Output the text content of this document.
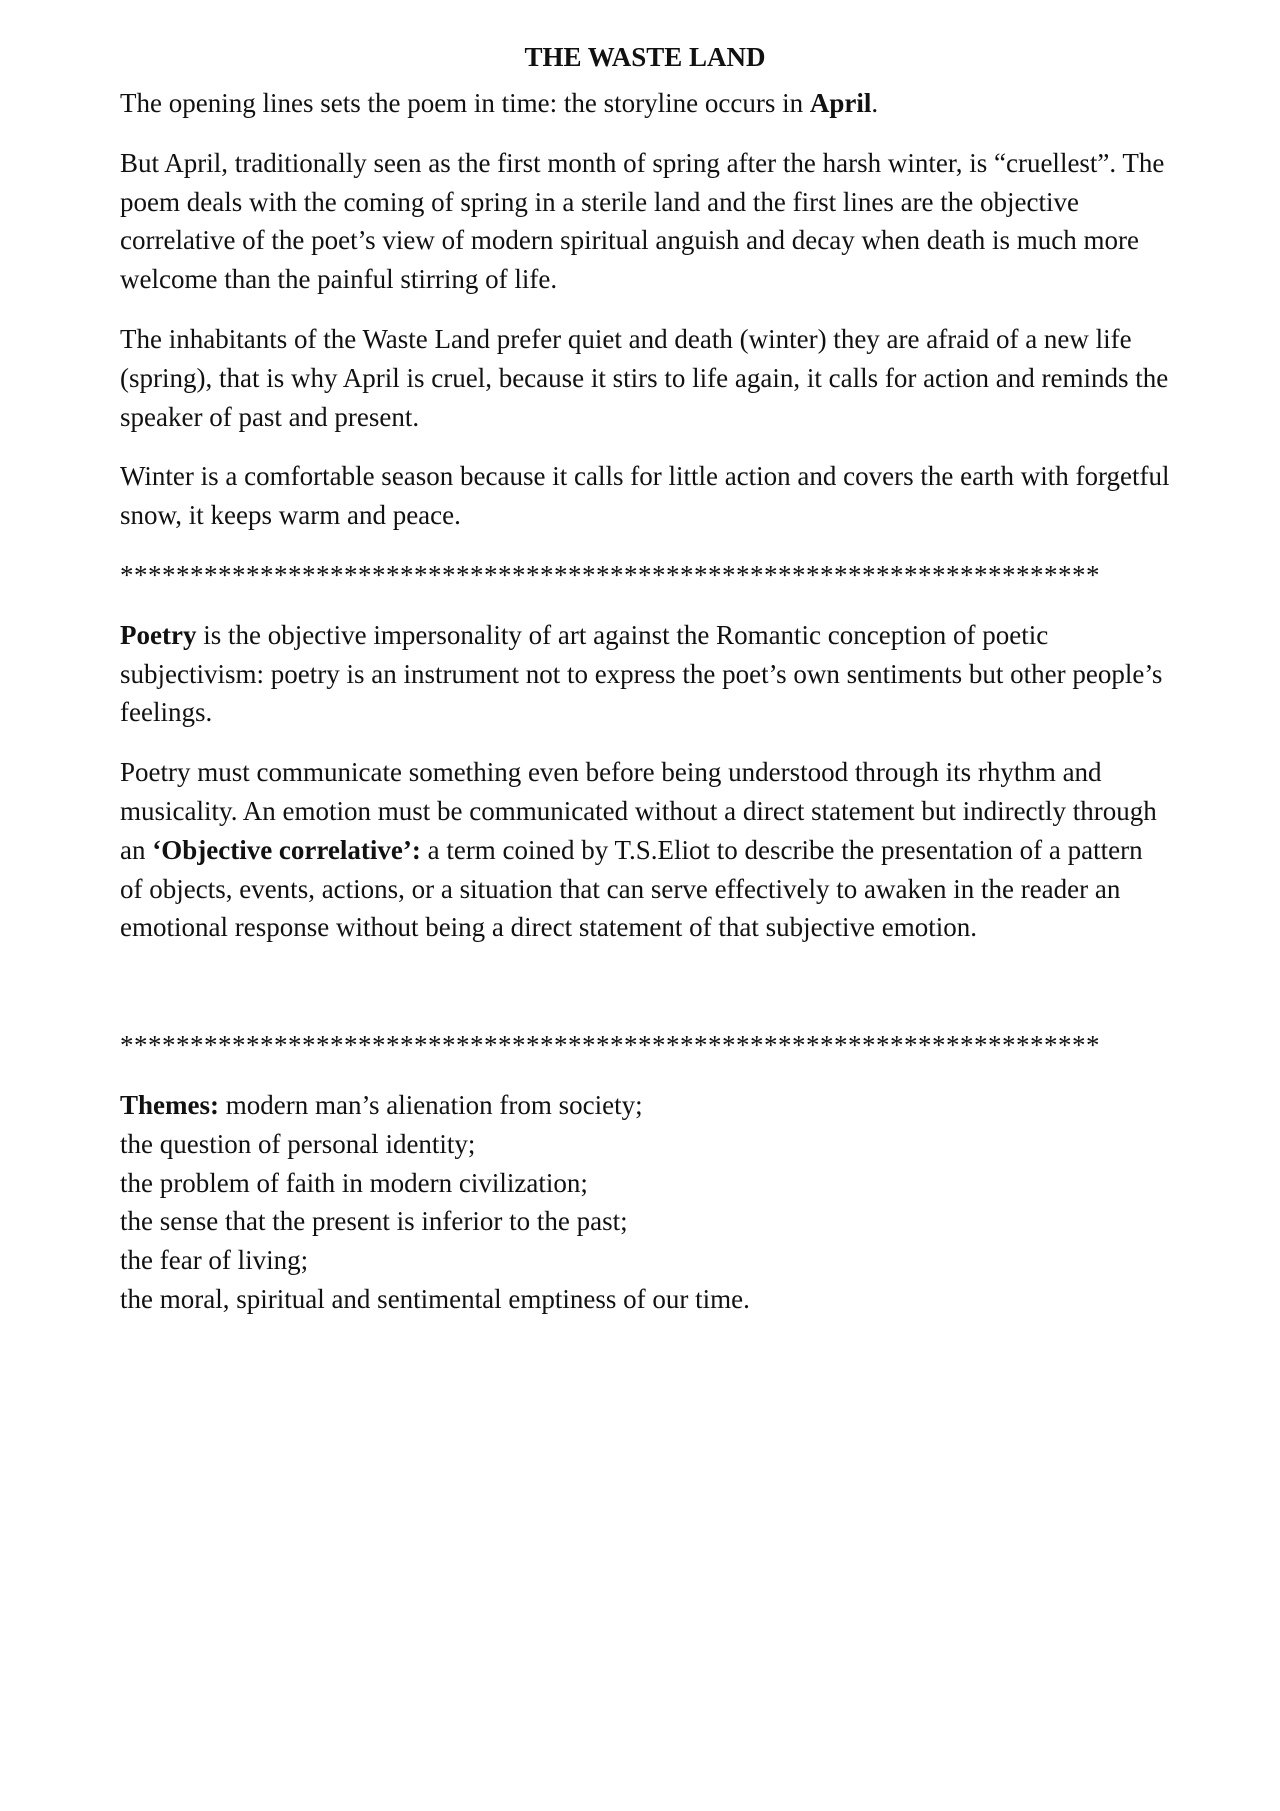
THE WASTE LAND

The opening lines sets the poem in time: the storyline occurs in April.

But April, traditionally seen as the first month of spring after the harsh winter, is “cruellest”. The poem deals with the coming of spring in a sterile land and the first lines are the objective correlative of the poet’s view of modern spiritual anguish and decay when death is much more welcome than the painful stirring of life.

The inhabitants of the Waste Land prefer quiet and death (winter) they are afraid of a new life (spring), that is why April is cruel, because it stirs to life again, it calls for action and reminds the speaker of past and present.

Winter is a comfortable season because it calls for little action and covers the earth with forgetful snow, it keeps warm and peace.

**********************************************************************

Poetry is the objective impersonality of art against the Romantic conception of poetic subjectivism: poetry is an instrument not to express the poet’s own sentiments but other people’s feelings.

Poetry must communicate something even before being understood through its rhythm and musicality. An emotion must be communicated without a direct statement but indirectly through an ‘Objective correlative’: a term coined by T.S.Eliot to describe the presentation of a pattern of objects, events, actions, or a situation that can serve effectively to awaken in the reader an emotional response without being a direct statement of that subjective emotion.

**********************************************************************
Themes: modern man’s alienation from society;
the question of personal identity;
the problem of faith in modern civilization;
the sense that the present is inferior to the past;
the fear of living;
the moral, spiritual and sentimental emptiness of our time.
